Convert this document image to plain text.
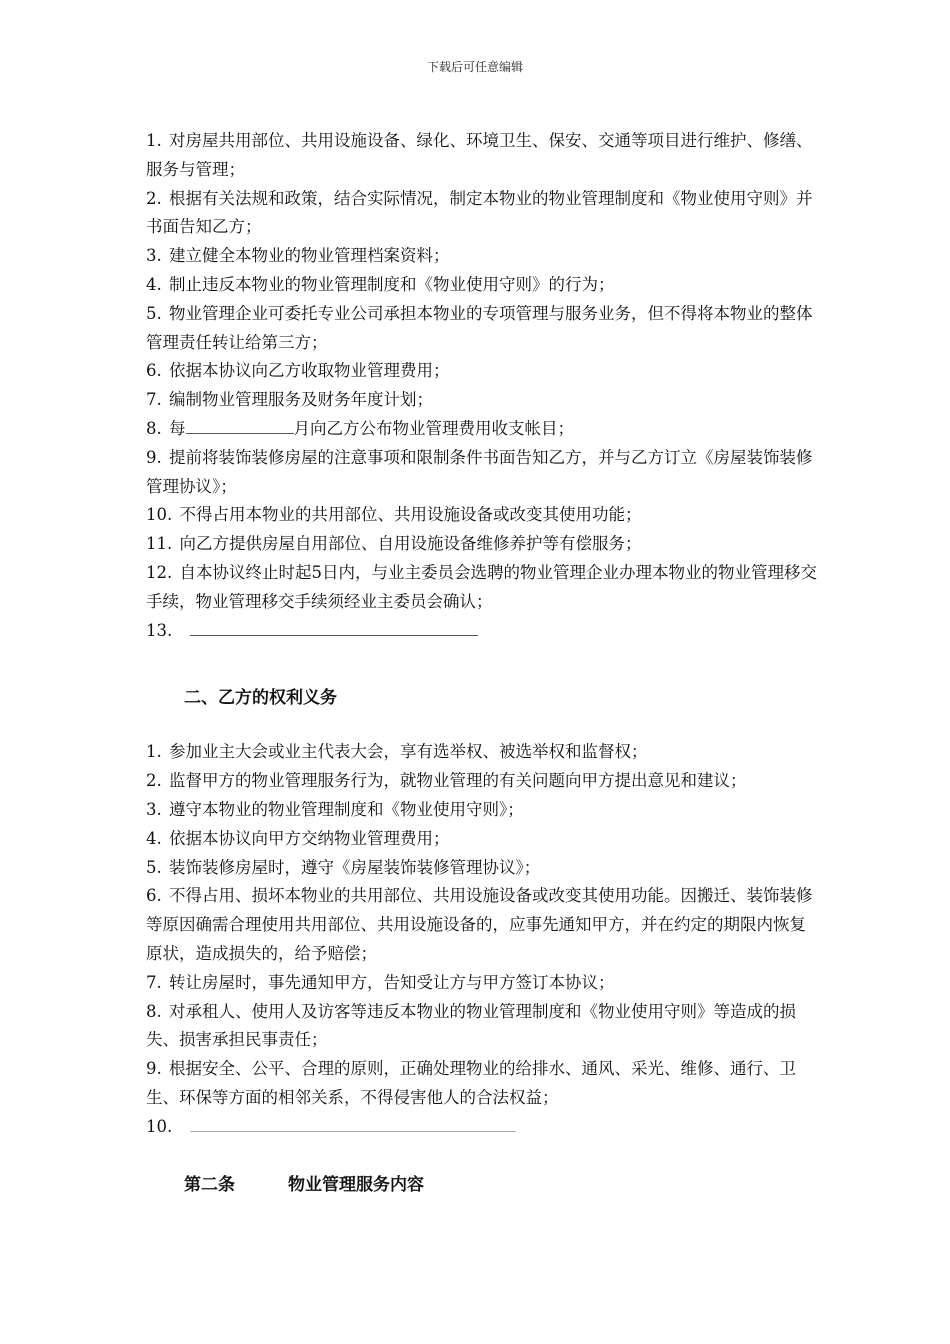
下载后可任意编辑

1. 对房屋共用部位、共用设施设备、绿化、环境卫生、保安、交通等项目进行维护、修缮、服务与管理；

2. 根据有关法规和政策，结合实际情况，制定本物业的物业管理制度和《物业使用守则》并书面告知乙方；

3. 建立健全本物业的物业管理档案资料；

4. 制止违反本物业的物业管理制度和《物业使用守则》的行为；

5. 物业管理企业可委托专业公司承担本物业的专项管理与服务业务，但不得将本物业的整体管理责任转让给第三方；

6. 依据本协议向乙方收取物业管理费用；

7. 编制物业管理服务及财务年度计划；

8. 每	月向乙方公布物业管理费用收支帐目；

9. 提前将装饰装修房屋的注意事项和限制条件书面告知乙方，并与乙方订立《房屋装饰装修管理协议》；

10. 不得占用本物业的共用部位、共用设施设备或改变其使用功能；

11. 向乙方提供房屋自用部位、自用设施设备维修养护等有偿服务；

12. 自本协议终止时起5日内，与业主委员会选聘的物业管理企业办理本物业的物业管理移交手续，物业管理移交手续须经业主委员会确认；

13.

二、乙方的权利义务

1. 参加业主大会或业主代表大会，享有选举权、被选举权和监督权；

2. 监督甲方的物业管理服务行为，就物业管理的有关问题向甲方提出意见和建议；

3. 遵守本物业的物业管理制度和《物业使用守则》；

4. 依据本协议向甲方交纳物业管理费用；

5. 装饰装修房屋时，遵守《房屋装饰装修管理协议》；

6. 不得占用、损坏本物业的共用部位、共用设施设备或改变其使用功能。因搬迁、装饰装修等原因确需合理使用共用部位、共用设施设备的，应事先通知甲方，并在约定的期限内恢复原状，造成损失的，给予赔偿；

7. 转让房屋时，事先通知甲方，告知受让方与甲方签订本协议；

8. 对承租人、使用人及访客等违反本物业的物业管理制度和《物业使用守则》等造成的损失、损害承担民事责任；

9. 根据安全、公平、合理的原则，正确处理物业的给排水、通风、采光、维修、通行、卫生、环保等方面的相邻关系，不得侵害他人的合法权益；

10.

第二条	物业管理服务内容
